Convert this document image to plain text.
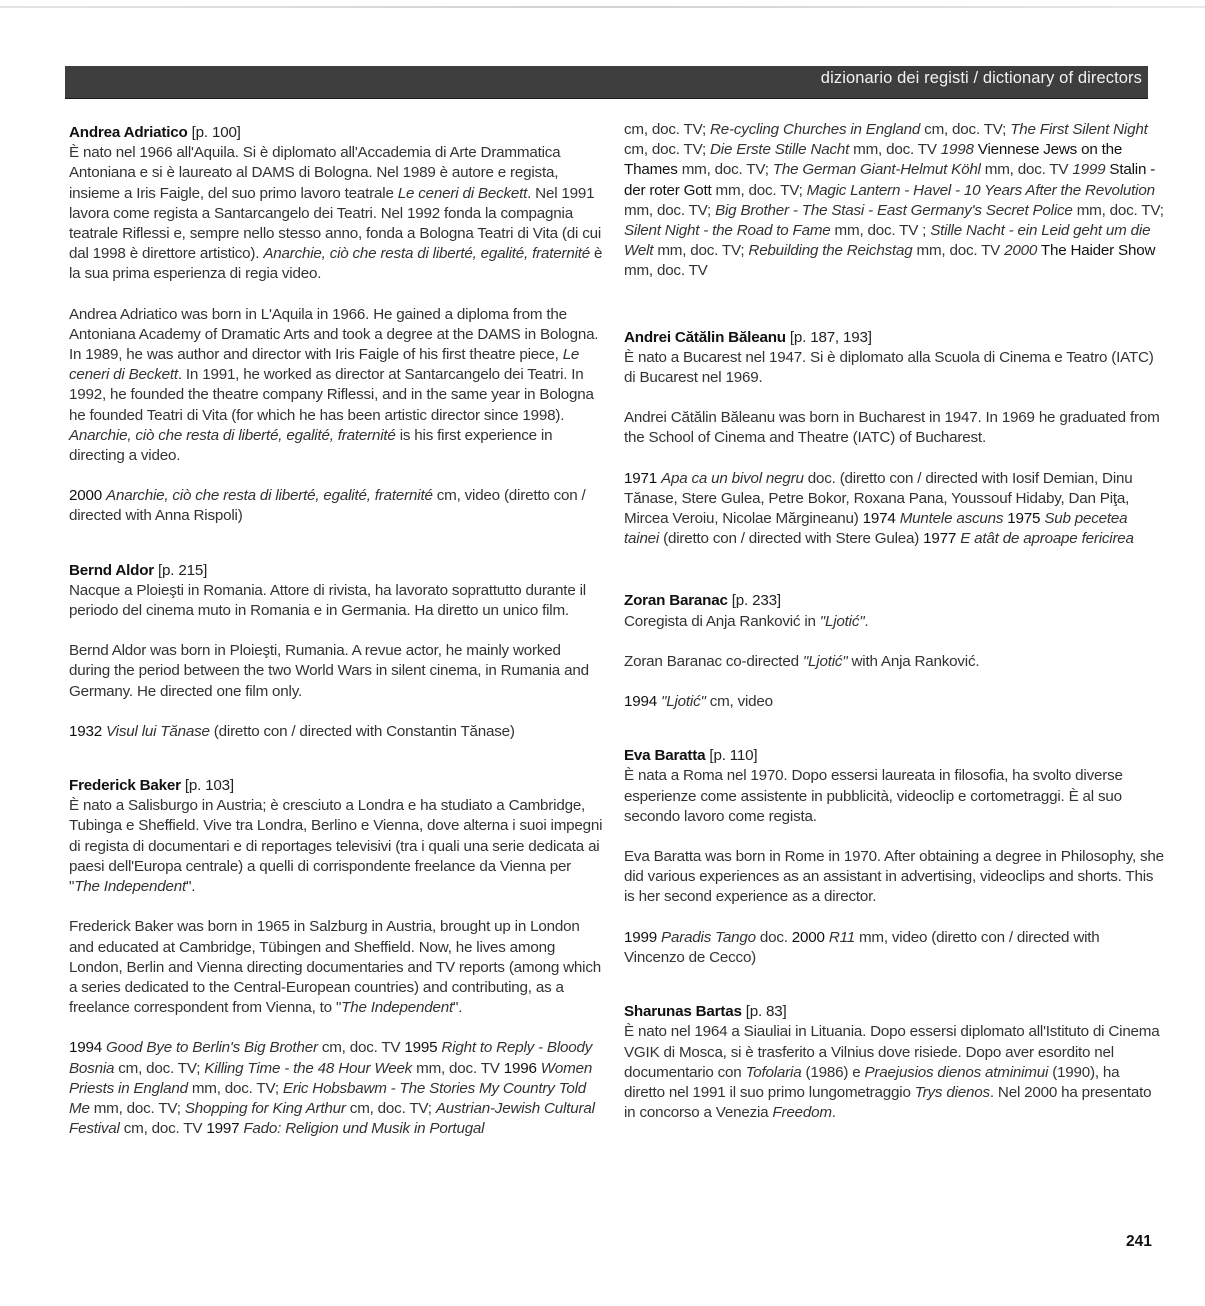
dizionario dei registi / dictionary of directors

Andrea Adriatico [p. 100]
È nato nel 1966 all'Aquila. Si è diplomato all'Accademia di Arte Drammatica Antoniana e si è laureato al DAMS di Bologna. Nel 1989 è autore e regista, insieme a Iris Faigle, del suo primo lavoro teatrale Le ceneri di Beckett. Nel 1991 lavora come regista a Santarcangelo dei Teatri. Nel 1992 fonda la compagnia teatrale Riflessi e, sempre nello stesso anno, fonda a Bologna Teatri di Vita (di cui dal 1998 è direttore artistico). Anarchie, ciò che resta di liberté, egalité, fraternité è la sua prima esperienza di regia video.

Andrea Adriatico was born in L'Aquila in 1966. He gained a diploma from the Antoniana Academy of Dramatic Arts and took a degree at the DAMS in Bologna. In 1989, he was author and director with Iris Faigle of his first theatre piece, Le ceneri di Beckett. In 1991, he worked as director at Santarcangelo dei Teatri. In 1992, he founded the theatre company Riflessi, and in the same year in Bologna he founded Teatri di Vita (for which he has been artistic director since 1998). Anarchie, ciò che resta di liberté, egalité, fraternité is his first experience in directing a video.

2000 Anarchie, ciò che resta di liberté, egalité, fraternité cm, video (diretto con / directed with Anna Rispoli)

Bernd Aldor [p. 215]
Nacque a Ploieşti in Romania. Attore di rivista, ha lavorato soprattutto durante il periodo del cinema muto in Romania e in Germania. Ha diretto un unico film.

Bernd Aldor was born in Ploieşti, Rumania. A revue actor, he mainly worked during the period between the two World Wars in silent cinema, in Rumania and Germany. He directed one film only.

1932 Visul lui Tănase (diretto con / directed with Constantin Tănase)

Frederick Baker [p. 103]
È nato a Salisburgo in Austria; è cresciuto a Londra e ha studiato a Cambridge, Tubinga e Sheffield. Vive tra Londra, Berlino e Vienna, dove alterna i suoi impegni di regista di documentari e di reportages televisivi (tra i quali una serie dedicata ai paesi dell'Europa centrale) a quelli di corrispondente freelance da Vienna per "The Independent".

Frederick Baker was born in 1965 in Salzburg in Austria, brought up in London and educated at Cambridge, Tübingen and Sheffield. Now, he lives among London, Berlin and Vienna directing documentaries and TV reports (among which a series dedicated to the Central-European countries) and contributing, as a freelance correspondent from Vienna, to "The Independent".

1994 Good Bye to Berlin's Big Brother cm, doc. TV 1995 Right to Reply - Bloody Bosnia cm, doc. TV; Killing Time - the 48 Hour Week mm, doc. TV 1996 Women Priests in England mm, doc. TV; Eric Hobsbawm - The Stories My Country Told Me mm, doc. TV; Shopping for King Arthur cm, doc. TV; Austrian-Jewish Cultural Festival cm, doc. TV 1997 Fado: Religion und Musik in Portugal

cm, doc. TV; Re-cycling Churches in England cm, doc. TV; The First Silent Night cm, doc. TV; Die Erste Stille Nacht mm, doc. TV 1998 Viennese Jews on the Thames mm, doc. TV; The German Giant-Helmut Köhl mm, doc. TV 1999 Stalin - der roter Gott mm, doc. TV; Magic Lantern - Havel - 10 Years After the Revolution mm, doc. TV; Big Brother - The Stasi - East Germany's Secret Police mm, doc. TV; Silent Night - the Road to Fame mm, doc. TV ; Stille Nacht - ein Leid geht um die Welt mm, doc. TV; Rebuilding the Reichstag mm, doc. TV 2000 The Haider Show mm, doc. TV

Andrei Cătălin Băleanu [p. 187, 193]
È nato a Bucarest nel 1947. Si è diplomato alla Scuola di Cinema e Teatro (IATC) di Bucarest nel 1969.

Andrei Cătălin Băleanu was born in Bucharest in 1947. In 1969 he graduated from the School of Cinema and Theatre (IATC) of Bucharest.

1971 Apa ca un bivol negru doc. (diretto con / directed with Iosif Demian, Dinu Tănase, Stere Gulea, Petre Bokor, Roxana Pana, Youssouf Hidaby, Dan Piţa, Mircea Veroiu, Nicolae Mărgineanu) 1974 Muntele ascuns 1975 Sub pecetea tainei (diretto con / directed with Stere Gulea) 1977 E atât de aproape fericirea

Zoran Baranac [p. 233]
Coregista di Anja Ranković in "Ljotić".

Zoran Baranac co-directed "Ljotić" with Anja Ranković.

1994 "Ljotić" cm, video

Eva Baratta [p. 110]
È nata a Roma nel 1970. Dopo essersi laureata in filosofia, ha svolto diverse esperienze come assistente in pubblicità, videoclip e cortometraggi. È al suo secondo lavoro come regista.

Eva Baratta was born in Rome in 1970. After obtaining a degree in Philosophy, she did various experiences as an assistant in advertising, videoclips and shorts. This is her second experience as a director.

1999 Paradis Tango doc. 2000 R11 mm, video (diretto con / directed with Vincenzo de Cecco)

Sharunas Bartas [p. 83]
È nato nel 1964 a Siauliai in Lituania. Dopo essersi diplomato all'Istituto di Cinema VGIK di Mosca, si è trasferito a Vilnius dove risiede. Dopo aver esordito nel documentario con Tofolaria (1986) e Praejusios dienos atminimui (1990), ha diretto nel 1991 il suo primo lungometraggio Trys dienos. Nel 2000 ha presentato in concorso a Venezia Freedom.

241
